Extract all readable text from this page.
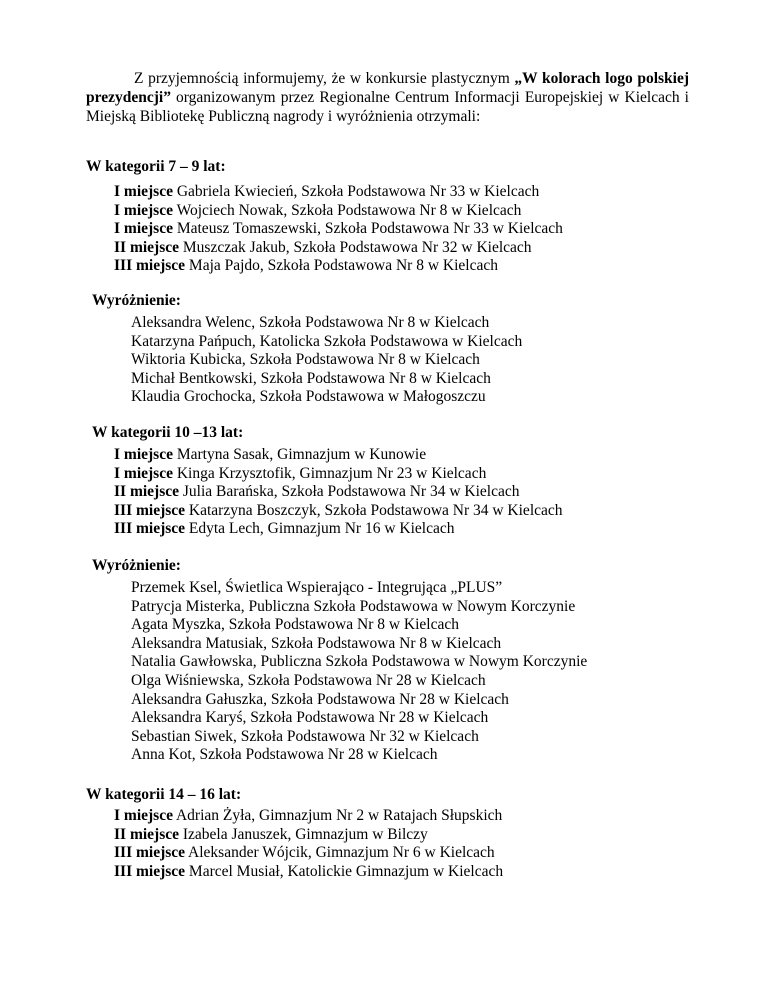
Z przyjemnością informujemy, że w konkursie plastycznym „W kolorach logo polskiej prezydencji” organizowanym przez Regionalne Centrum Informacji Europejskiej w Kielcach i Miejską Bibliotekę Publiczną nagrody i wyróżnienia otrzymali:

W kategorii 7 – 9 lat:
I miejsce Gabriela Kwiecień, Szkoła Podstawowa Nr 33 w Kielcach
I miejsce Wojciech Nowak, Szkoła Podstawowa Nr 8 w Kielcach
I miejsce Mateusz Tomaszewski, Szkoła Podstawowa Nr 33 w Kielcach
II miejsce Muszczak Jakub, Szkoła Podstawowa Nr 32 w Kielcach
III miejsce Maja Pajdo, Szkoła Podstawowa Nr 8 w Kielcach
Wyróżnienie:
Aleksandra Welenc, Szkoła Podstawowa Nr 8 w Kielcach
Katarzyna Pańpuch, Katolicka Szkoła Podstawowa w Kielcach
Wiktoria Kubicka, Szkoła Podstawowa Nr 8 w Kielcach
Michał Bentkowski, Szkoła Podstawowa Nr 8 w Kielcach
Klaudia Grochocka, Szkoła Podstawowa w Małogoszczu
W kategorii 10 –13 lat:
I miejsce Martyna Sasak, Gimnazjum w Kunowie
I miejsce Kinga Krzysztofik, Gimnazjum Nr 23 w Kielcach
II miejsce Julia Barańska, Szkoła Podstawowa Nr 34 w Kielcach
III miejsce Katarzyna Boszczyk, Szkoła Podstawowa Nr 34 w Kielcach
III miejsce Edyta Lech, Gimnazjum Nr 16 w Kielcach
Wyróżnienie:
Przemek Ksel, Świetlica Wspierająco - Integrująca „PLUS”
Patrycja Misterka, Publiczna Szkoła Podstawowa w Nowym Korczynie
Agata Myszka, Szkoła Podstawowa Nr 8 w Kielcach
Aleksandra Matusiak, Szkoła Podstawowa Nr 8 w Kielcach
Natalia Gawłowska, Publiczna Szkoła Podstawowa w Nowym Korczynie
Olga Wiśniewska, Szkoła Podstawowa Nr 28 w Kielcach
Aleksandra Gałuszka, Szkoła Podstawowa Nr 28 w Kielcach
Aleksandra Karyś, Szkoła Podstawowa Nr 28 w Kielcach
Sebastian Siwek, Szkoła Podstawowa Nr 32 w Kielcach
Anna Kot, Szkoła Podstawowa Nr 28 w Kielcach
W kategorii 14 – 16 lat:
I miejsce Adrian Żyła, Gimnazjum Nr 2 w Ratajach Słupskich
II miejsce Izabela Januszek, Gimnazjum w Bilczy
III miejsce Aleksander Wójcik, Gimnazjum Nr 6 w Kielcach
III miejsce Marcel Musiał, Katolickie Gimnazjum w Kielcach
